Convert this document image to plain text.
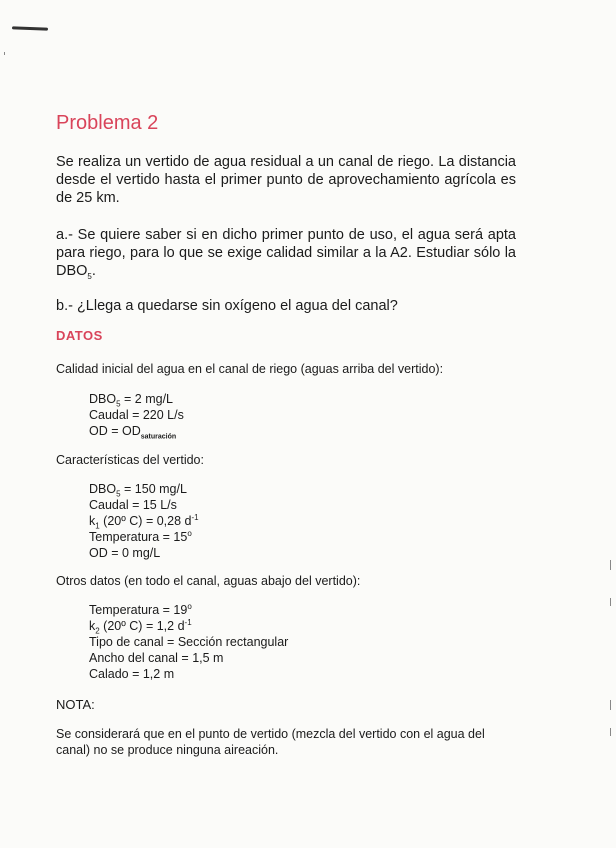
Problema 2
Se realiza un vertido de agua residual a un canal de riego. La distancia desde el vertido hasta el primer punto de aprovechamiento agrícola es de 25 km.
a.- Se quiere saber si en dicho primer punto de uso, el agua será apta para riego, para lo que se exige calidad similar a la A2. Estudiar sólo la $DBO_5$.
b.- ¿Llega a quedarse sin oxígeno el agua del canal?
DATOS
Calidad inicial del agua en el canal de riego (aguas arriba del vertido):
$DBO_5 = 2$ mg/L
Caudal = 220 L/s
OD = $OD_{saturación}$
Características del vertido:
$DBO_5 = 150$ mg/L
Caudal = 15 L/s
$k_1$ (20º C) = 0,28 $d^{-1}$
Temperatura = $15^o$
OD = 0 mg/L
Otros datos (en todo el canal, aguas abajo del vertido):
Temperatura = $19^o$
$k_2$ (20º C) = 1,2 $d^{-1}$
Tipo de canal = Sección rectangular
Ancho del canal = 1,5 m
Calado = 1,2 m
NOTA:
Se considerará que en el punto de vertido (mezcla del vertido con el agua del canal) no se produce ninguna aireación.
